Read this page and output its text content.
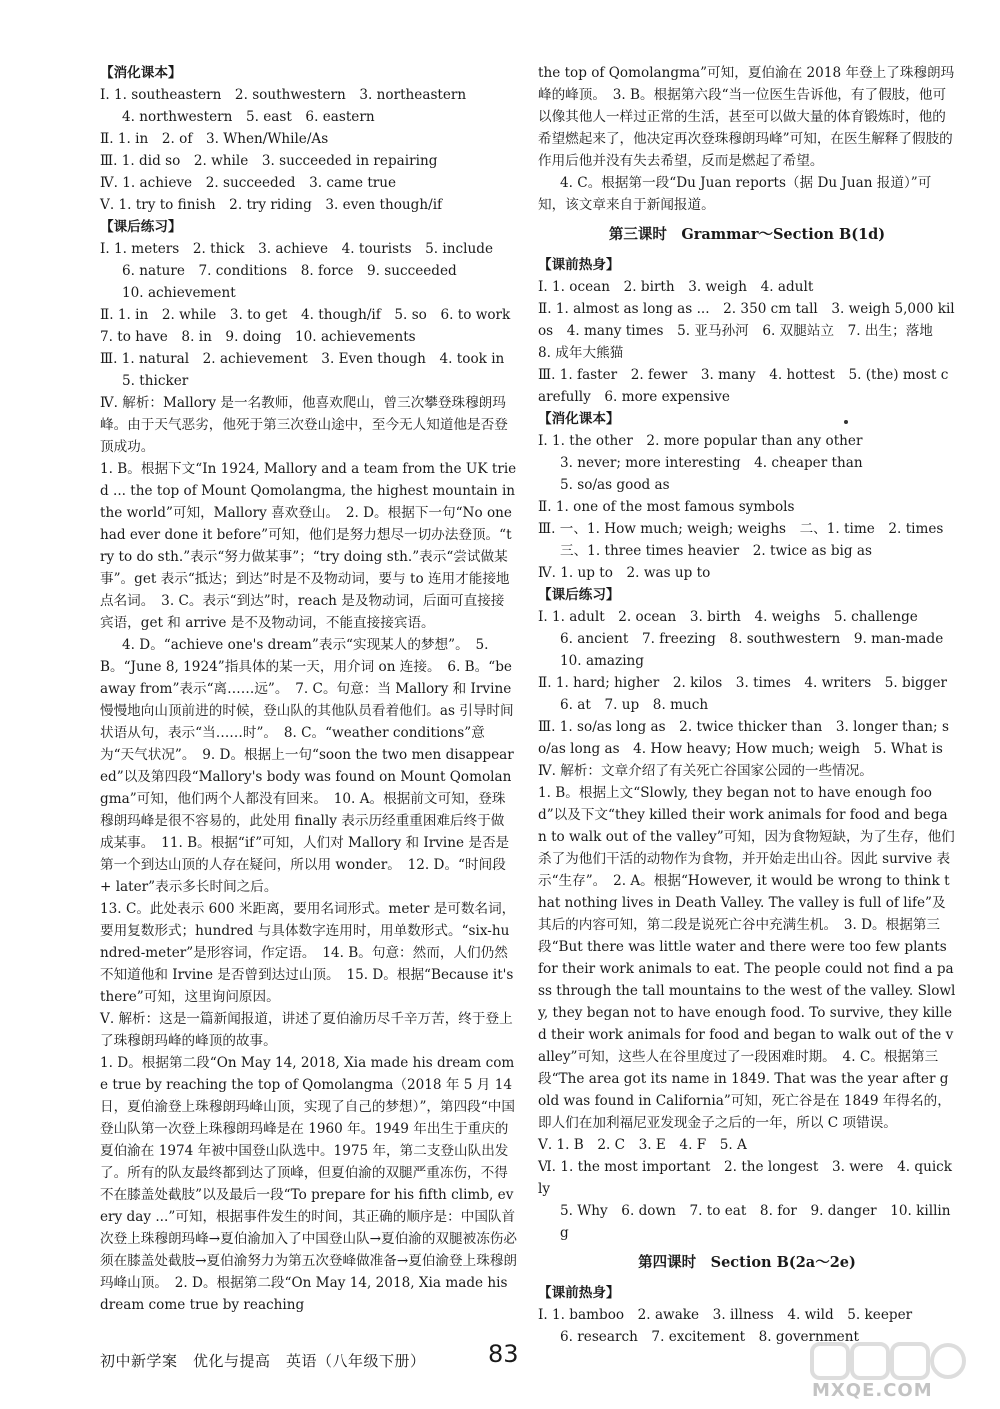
【消化课本】

Ⅰ. 1. southeastern　2. southwestern　3. northeastern

4. northwestern　5. east　6. eastern

Ⅱ. 1. in　2. of　3. When/While/As

Ⅲ. 1. did so　2. while　3. succeeded in repairing

Ⅳ. 1. achieve　2. succeeded　3. came true

Ⅴ. 1. try to finish　2. try riding　3. even though/if

【课后练习】

Ⅰ. 1. meters　2. thick　3. achieve　4. tourists　5. include

6. nature　7. conditions　8. force　9. succeeded

10. achievement

Ⅱ. 1. in　2. while　3. to get　4. though/if　5. so　6. to work　7. to have　8. in　9. doing　10. achievements

Ⅲ. 1. natural　2. achievement　3. Even though　4. took in

5. thicker

Ⅳ. 解析：Mallory 是一名教师，他喜欢爬山，曾三次攀登珠穆朗玛峰。由于天气恶劣，他死于第三次登山途中，至今无人知道他是否登顶成功。

1. B。根据下文“In 1924, Mallory and a team from the UK tried ... the top of Mount Qomolangma, the highest mountain in the world”可知，Mallory 喜欢登山。　2. D。根据下一句“No one had ever done it before”可知，他们是努力想尽一切办法登顶。“try to do sth.”表示“努力做某事”；“try doing sth.”表示“尝试做某事”。get 表示“抵达；到达”时是不及物动词，要与 to 连用才能接地点名词。　3. C。表示“到达”时，reach 是及物动词，后面可直接接宾语，get 和 arrive 是不及物动词，不能直接接宾语。

4. D。“achieve one's dream”表示“实现某人的梦想”。　5. B。“June 8, 1924”指具体的某一天，用介词 on 连接。　6. B。“be away from”表示“离……远”。　7. C。句意：当 Mallory 和 Irvine 慢慢地向山顶前进的时候，登山队的其他队员看着他们。as 引导时间状语从句，表示“当……时”。　8. C。“weather conditions”意为“天气状况”。　9. D。根据上一句“soon the two men disappeared”以及第四段“Mallory's body was found on Mount Qomolangma”可知，他们两个人都没有回来。　10. A。根据前文可知，登珠穆朗玛峰是很不容易的，此处用 finally 表示历经重重困难后终于做成某事。　11. B。根据“if”可知，人们对 Mallory 和 Irvine 是否是第一个到达山顶的人存在疑问，所以用 wonder。　12. D。“时间段 + later”表示多长时间之后。

13. C。此处表示 600 米距离，要用名词形式。meter 是可数名词，要用复数形式；hundred 与具体数字连用时，用单数形式。“six-hundred-meter”是形容词，作定语。　14. B。句意：然而，人们仍然不知道他和 Irvine 是否曾到达过山顶。　15. D。根据“Because it's there”可知，这里询问原因。

Ⅴ. 解析：这是一篇新闻报道，讲述了夏伯渝历尽千辛万苦，终于登上了珠穆朗玛峰的峰顶的故事。

1. D。根据第二段“On May 14, 2018, Xia made his dream come true by reaching the top of Qomolangma（2018 年 5 月 14 日，夏伯渝登上珠穆朗玛峰山顶，实现了自己的梦想）”，第四段“中国登山队第一次登上珠穆朗玛峰是在 1960 年。1949 年出生于重庆的夏伯渝在 1974 年被中国登山队选中。1975 年，第二支登山队出发了。所有的队友最终都到达了顶峰，但夏伯渝的双腿严重冻伤，不得不在膝盖处截肢”以及最后一段“To prepare for his fifth climb, every day ...”可知，根据事件发生的时间，其正确的顺序是：中国队首次登上珠穆朗玛峰→夏伯渝加入了中国登山队→夏伯渝的双腿被冻伤必须在膝盖处截肢→夏伯渝努力为第五次登峰做准备→夏伯渝登上珠穆朗玛峰山顶。　2. D。根据第二段“On May 14, 2018, Xia made his dream come true by reaching

the top of Qomolangma”可知，夏伯渝在 2018 年登上了珠穆朗玛峰的峰顶。　3. B。根据第六段“当一位医生告诉他，有了假肢，他可以像其他人一样过正常的生活，甚至可以做大量的体育锻炼时，他的希望燃起来了，他决定再次登珠穆朗玛峰”可知，在医生解释了假肢的作用后他并没有失去希望，反而是燃起了希望。

4. C。根据第一段“Du Juan reports（据 Du Juan 报道）”可知，该文章来自于新闻报道。

第三课时　Grammar～Section B(1d)

【课前热身】

Ⅰ. 1. ocean　2. birth　3. weigh　4. adult

Ⅱ. 1. almost as long as ...　2. 350 cm tall　3. weigh 5,000 kilos　4. many times　5. 亚马孙河　6. 双腿站立　7. 出生；落地　8. 成年大熊猫

Ⅲ. 1. faster　2. fewer　3. many　4. hottest　5. (the) most carefully　6. more expensive

【消化课本】

Ⅰ. 1. the other　2. more popular than any other

3. never; more interesting　4. cheaper than

5. so/as good as

Ⅱ. 1. one of the most famous symbols

Ⅲ. 一、1. How much; weigh; weighs　二、1. time　2. times

三、1. three times heavier　2. twice as big as

Ⅳ. 1. up to　2. was up to

【课后练习】

Ⅰ. 1. adult　2. ocean　3. birth　4. weighs　5. challenge

6. ancient　7. freezing　8. southwestern　9. man-made

10. amazing

Ⅱ. 1. hard; higher　2. kilos　3. times　4. writers　5. bigger

6. at　7. up　8. much

Ⅲ. 1. so/as long as　2. twice thicker than　3. longer than; so/as long as　4. How heavy; How much; weigh　5. What is

Ⅳ. 解析：文章介绍了有关死亡谷国家公园的一些情况。

1. B。根据上文“Slowly, they began not to have enough food”以及下文“they killed their work animals for food and began to walk out of the valley”可知，因为食物短缺，为了生存，他们杀了为他们干活的动物作为食物，并开始走出山谷。因此 survive 表示“生存”。　2. A。根据“However, it would be wrong to think that nothing lives in Death Valley. The valley is full of life”及其后的内容可知，第二段是说死亡谷中充满生机。　3. D。根据第三段“But there was little water and there were too few plants for their work animals to eat. The people could not find a pass through the tall mountains to the west of the valley. Slowly, they began not to have enough food. To survive, they killed their work animals for food and began to walk out of the valley”可知，这些人在谷里度过了一段困难时期。　4. C。根据第三段“The area got its name in 1849. That was the year after gold was found in California”可知，死亡谷是在 1849 年得名的，即人们在加利福尼亚发现金子之后的一年，所以 C 项错误。

Ⅴ. 1. B　2. C　3. E　4. F　5. A

Ⅵ. 1. the most important　2. the longest　3. were　4. quickly

5. Why　6. down　7. to eat　8. for　9. danger　10. killing

第四课时　Section B(2a～2e)

【课前热身】

Ⅰ. 1. bamboo　2. awake　3. illness　4. wild　5. keeper

6. research　7. excitement　8. government

初中新学案　优化与提高　英语（八年级下册）	83
MXQE.COM
